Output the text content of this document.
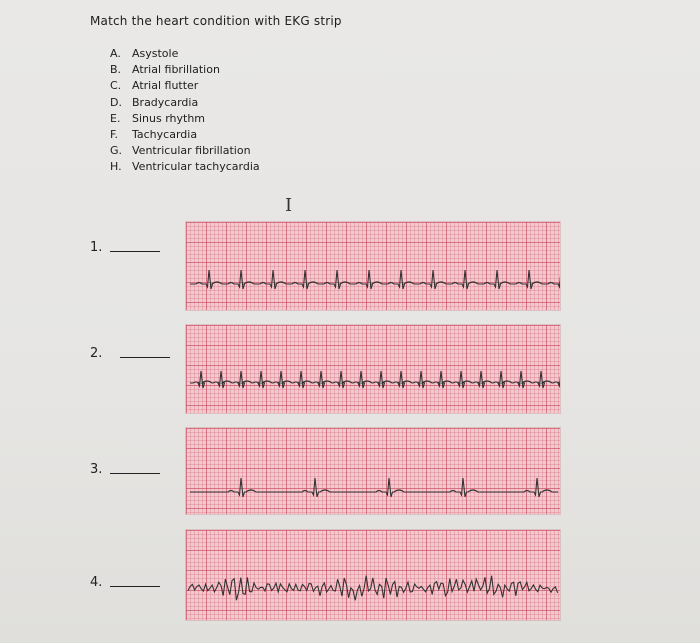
Match the heart condition with EKG strip
A.	Asystole
B. Atrial fibrillation
C. Atrial flutter
D. Bradycardia
E.	Sinus rhythm
F.	Tachycardia
G. Ventricular fibrillation
H. Ventricular tachycardia
I
1.
2.
3.
4.
